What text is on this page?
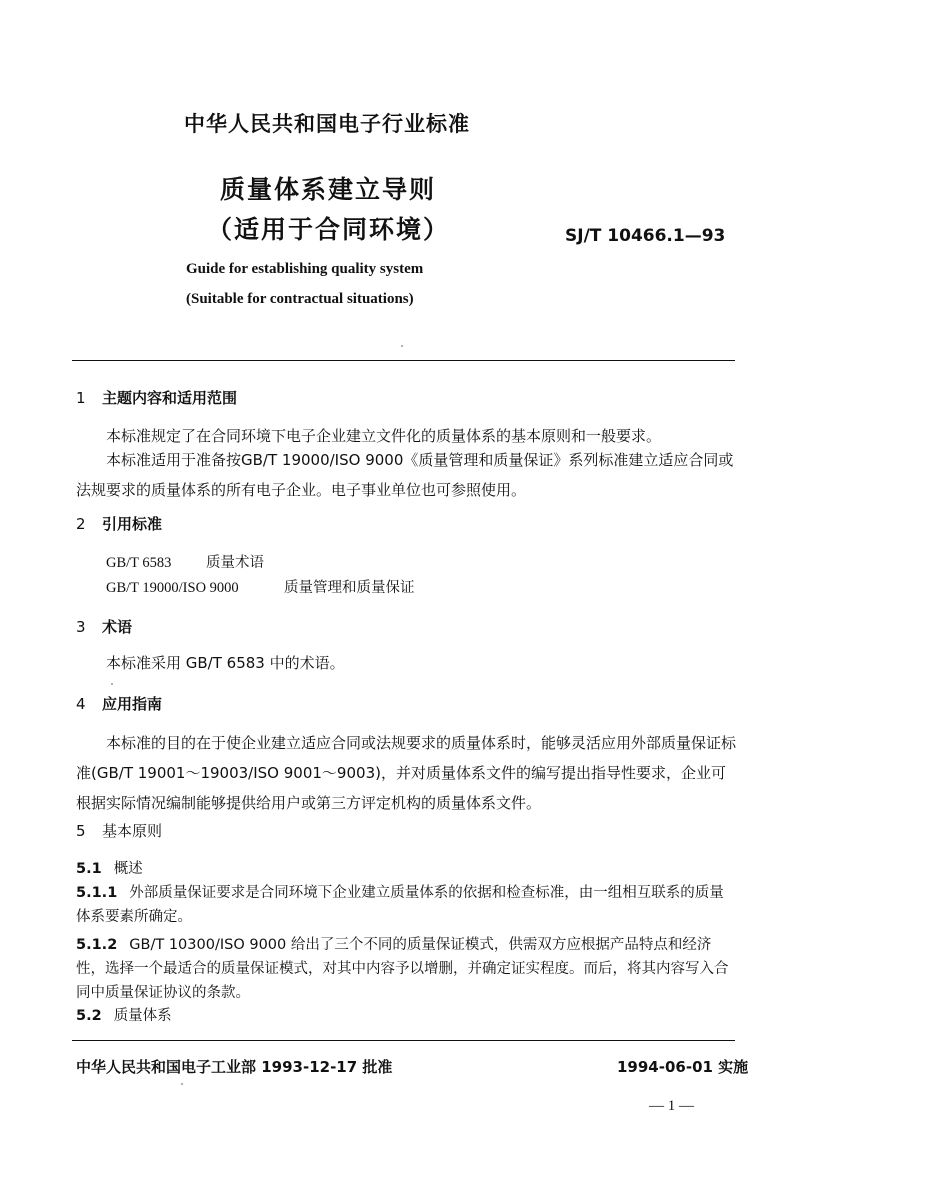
中华人民共和国电子行业标准
质量体系建立导则
（适用于合同环境）	SJ/T 10466.1—93
Guide for establishing quality system
(Suitable for contractual situations)
1 主题内容和适用范围
本标准规定了在合同环境下电子企业建立文件化的质量体系的基本原则和一般要求。
本标准适用于准备按GB/T 19000/ISO 9000《质量管理和质量保证》系列标准建立适应合同或法规要求的质量体系的所有电子企业。电子事业单位也可参照使用。
2 引用标准
GB/T 6583 质量术语
GB/T 19000/ISO 9000	质量管理和质量保证
3 术语
本标准采用 GB/T 6583 中的术语。
4 应用指南
本标准的目的在于使企业建立适应合同或法规要求的质量体系时，能够灵活应用外部质量保证标准(GB/T 19001～19003/ISO 9001～9003)，并对质量体系文件的编写提出指导性要求，企业可根据实际情况编制能够提供给用户或第三方评定机构的质量体系文件。
5 基本原则
5.1 概述
5.1.1 外部质量保证要求是合同环境下企业建立质量体系的依据和检查标准，由一组相互联系的质量体系要素所确定。
5.1.2 GB/T 10300/ISO 9000 给出了三个不同的质量保证模式，供需双方应根据产品特点和经济性，选择一个最适合的质量保证模式，对其中内容予以增删，并确定证实程度。而后，将其内容写入合同中质量保证协议的条款。
5.2 质量体系
中华人民共和国电子工业部 1993-12-17 批准	1994-06-01 实施
— 1 —
